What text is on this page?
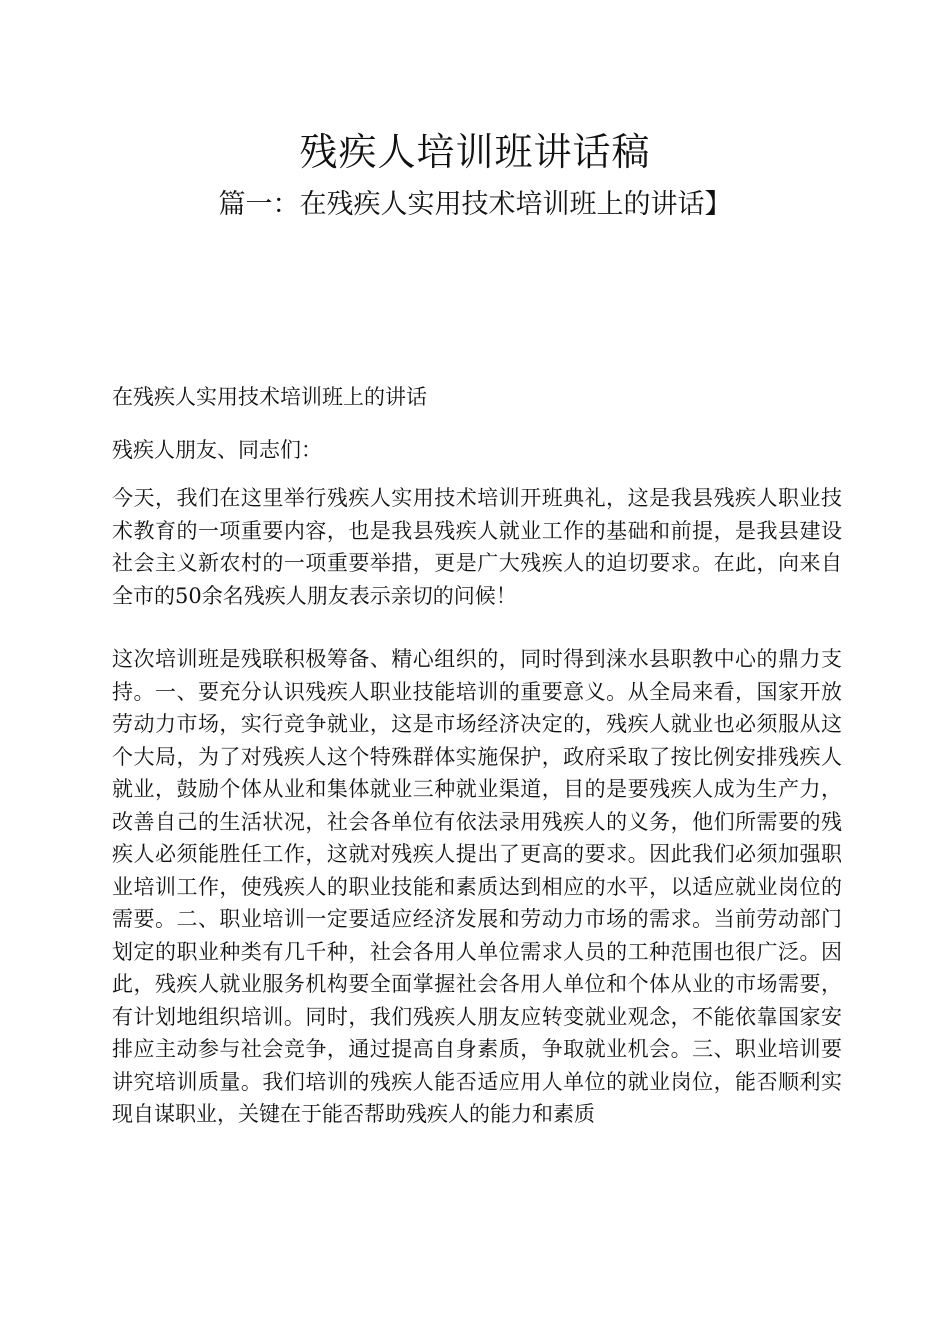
残疾人培训班讲话稿
篇一：在残疾人实用技术培训班上的讲话】
在残疾人实用技术培训班上的讲话
残疾人朋友、同志们：

今天，我们在这里举行残疾人实用技术培训开班典礼，这是我县残疾人职业技术教育的一项重要内容，也是我县残疾人就业工作的基础和前提，是我县建设社会主义新农村的一项重要举措，更是广大残疾人的迫切要求。在此，向来自全市的50余名残疾人朋友表示亲切的问候！

这次培训班是残联积极筹备、精心组织的，同时得到涞水县职教中心的鼎力支持。一、要充分认识残疾人职业技能培训的重要意义。从全局来看，国家开放劳动力市场，实行竞争就业，这是市场经济决定的，残疾人就业也必须服从这个大局，为了对残疾人这个特殊群体实施保护，政府采取了按比例安排残疾人就业，鼓励个体从业和集体就业三种就业渠道，目的是要残疾人成为生产力，改善自己的生活状况，社会各单位有依法录用残疾人的义务，他们所需要的残疾人必须能胜任工作，这就对残疾人提出了更高的要求。因此我们必须加强职业培训工作，使残疾人的职业技能和素质达到相应的水平，以适应就业岗位的需要。二、职业培训一定要适应经济发展和劳动力市场的需求。当前劳动部门划定的职业种类有几千种，社会各用人单位需求人员的工种范围也很广泛。因此，残疾人就业服务机构要全面掌握社会各用人单位和个体从业的市场需要，有计划地组织培训。同时，我们残疾人朋友应转变就业观念，不能依靠国家安排应主动参与社会竞争，通过提高自身素质，争取就业机会。三、职业培训要讲究培训质量。我们培训的残疾人能否适应用人单位的就业岗位，能否顺利实现自谋职业，关键在于能否帮助残疾人的能力和素质
